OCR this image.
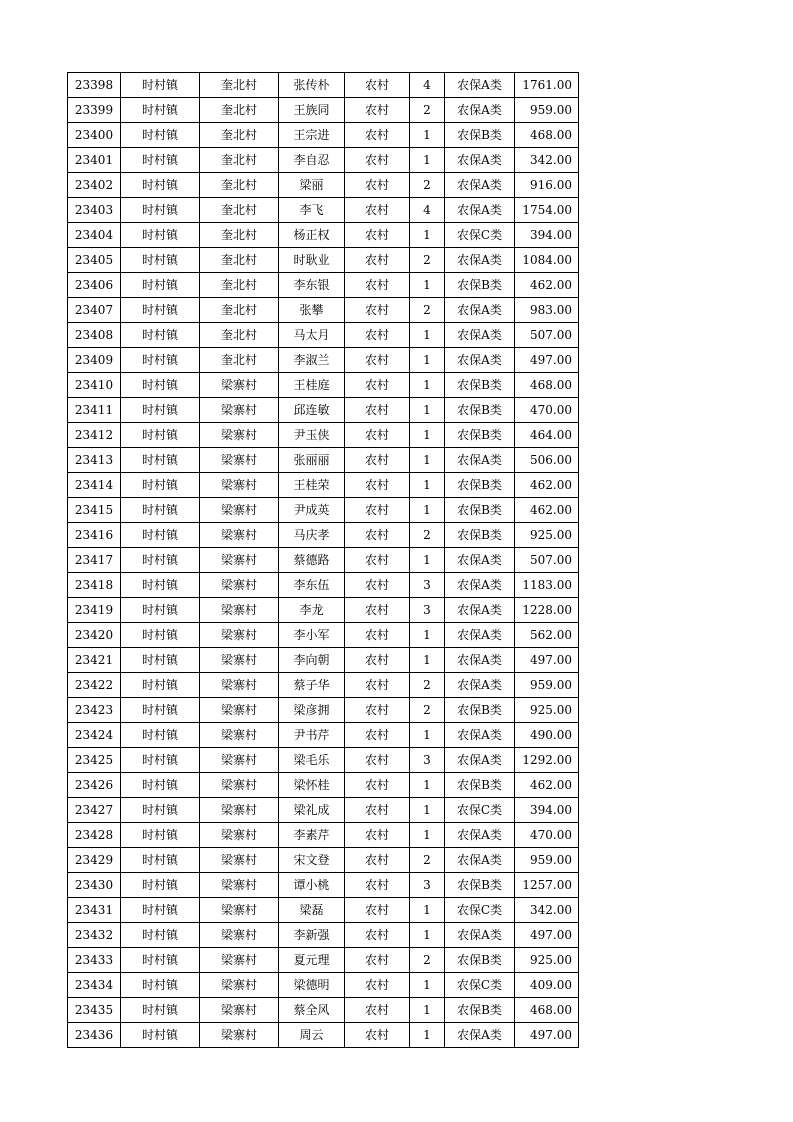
23398	时村镇	奎北村	张传朴	农村	4	农保A类	1761.00
23399	时村镇	奎北村	王族同	农村	2	农保A类	959.00
23400	时村镇	奎北村	王宗进	农村	1	农保B类	468.00
23401	时村镇	奎北村	李自忍	农村	1	农保A类	342.00
23402	时村镇	奎北村	梁丽	农村	2	农保A类	916.00
23403	时村镇	奎北村	李飞	农村	4	农保A类	1754.00
23404	时村镇	奎北村	杨正权	农村	1	农保C类	394.00
23405	时村镇	奎北村	时耿业	农村	2	农保A类	1084.00
23406	时村镇	奎北村	李东银	农村	1	农保B类	462.00
23407	时村镇	奎北村	张攀	农村	2	农保A类	983.00
23408	时村镇	奎北村	马太月	农村	1	农保A类	507.00
23409	时村镇	奎北村	李淑兰	农村	1	农保A类	497.00
23410	时村镇	梁寨村	王桂庭	农村	1	农保B类	468.00
23411	时村镇	梁寨村	邱连敏	农村	1	农保B类	470.00
23412	时村镇	梁寨村	尹玉侠	农村	1	农保B类	464.00
23413	时村镇	梁寨村	张丽丽	农村	1	农保A类	506.00
23414	时村镇	梁寨村	王桂荣	农村	1	农保B类	462.00
23415	时村镇	梁寨村	尹成英	农村	1	农保B类	462.00
23416	时村镇	梁寨村	马庆孝	农村	2	农保B类	925.00
23417	时村镇	梁寨村	蔡德路	农村	1	农保A类	507.00
23418	时村镇	梁寨村	李东伍	农村	3	农保A类	1183.00
23419	时村镇	梁寨村	李龙	农村	3	农保A类	1228.00
23420	时村镇	梁寨村	李小军	农村	1	农保A类	562.00
23421	时村镇	梁寨村	李向朝	农村	1	农保A类	497.00
23422	时村镇	梁寨村	蔡子华	农村	2	农保A类	959.00
23423	时村镇	梁寨村	梁彦拥	农村	2	农保B类	925.00
23424	时村镇	梁寨村	尹书芹	农村	1	农保A类	490.00
23425	时村镇	梁寨村	梁毛乐	农村	3	农保A类	1292.00
23426	时村镇	梁寨村	梁怀桂	农村	1	农保B类	462.00
23427	时村镇	梁寨村	梁礼成	农村	1	农保C类	394.00
23428	时村镇	梁寨村	李素芹	农村	1	农保A类	470.00
23429	时村镇	梁寨村	宋文登	农村	2	农保A类	959.00
23430	时村镇	梁寨村	谭小桃	农村	3	农保B类	1257.00
23431	时村镇	梁寨村	梁磊	农村	1	农保C类	342.00
23432	时村镇	梁寨村	李新强	农村	1	农保A类	497.00
23433	时村镇	梁寨村	夏元理	农村	2	农保B类	925.00
23434	时村镇	梁寨村	梁德明	农村	1	农保C类	409.00
23435	时村镇	梁寨村	蔡全风	农村	1	农保B类	468.00
23436	时村镇	梁寨村	周云	农村	1	农保A类	497.00
